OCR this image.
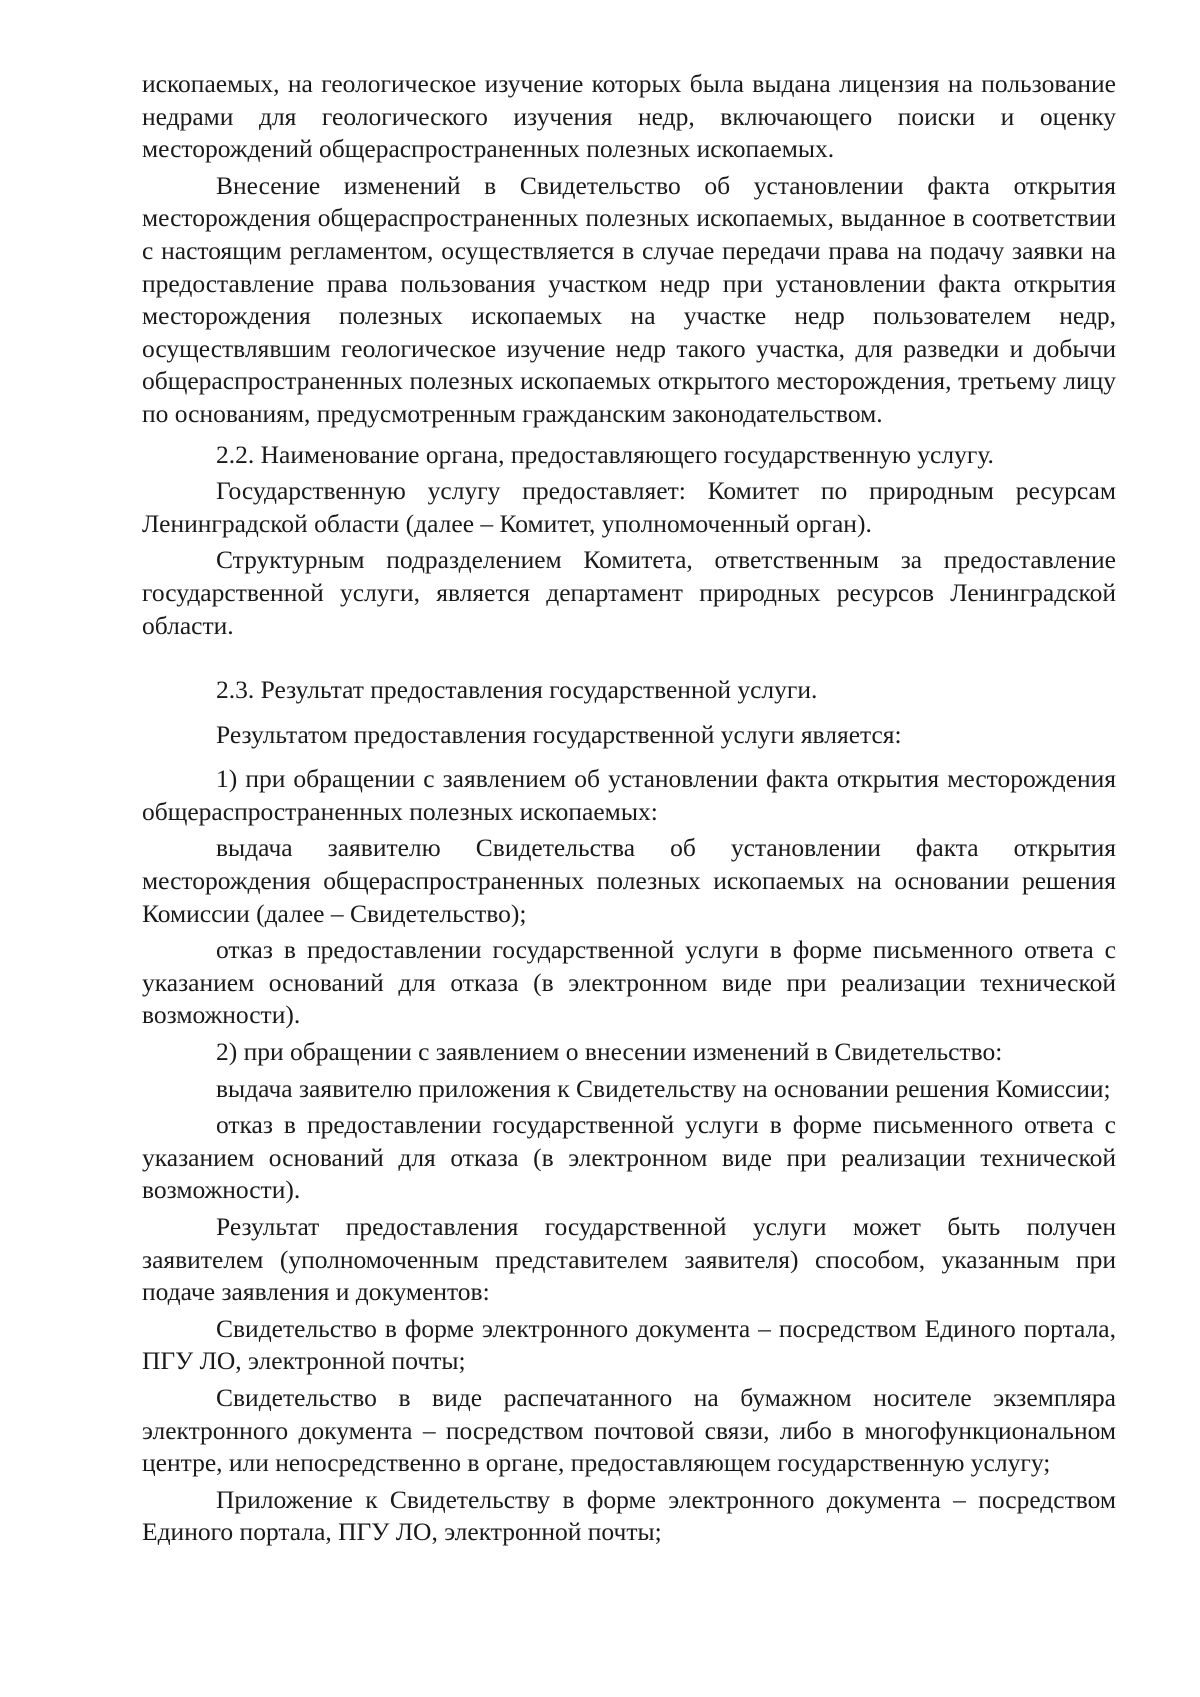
ископаемых, на геологическое изучение которых была выдана лицензия на пользование недрами для геологического изучения недр, включающего поиски и оценку месторождений общераспространенных полезных ископаемых.

Внесение изменений в Свидетельство об установлении факта открытия месторождения общераспространенных полезных ископаемых, выданное в соответствии с настоящим регламентом, осуществляется в случае передачи права на подачу заявки на предоставление права пользования участком недр при установлении факта открытия месторождения полезных ископаемых на участке недр пользователем недр, осуществлявшим геологическое изучение недр такого участка, для разведки и добычи общераспространенных полезных ископаемых открытого месторождения, третьему лицу по основаниям, предусмотренным гражданским законодательством.

2.2. Наименование органа, предоставляющего государственную услугу.

Государственную услугу предоставляет: Комитет по природным ресурсам Ленинградской области (далее – Комитет, уполномоченный орган).

Структурным подразделением Комитета, ответственным за предоставление государственной услуги, является департамент природных ресурсов Ленинградской области.

2.3. Результат предоставления государственной услуги.

Результатом предоставления государственной услуги является:

1) при обращении с заявлением об установлении факта открытия месторождения общераспространенных полезных ископаемых:

выдача заявителю Свидетельства об установлении факта открытия месторождения общераспространенных полезных ископаемых на основании решения Комиссии (далее – Свидетельство);

отказ в предоставлении государственной услуги в форме письменного ответа с указанием оснований для отказа (в электронном виде при реализации технической возможности).

2) при обращении с заявлением о внесении изменений в Свидетельство:

выдача заявителю приложения к Свидетельству на основании решения Комиссии;

отказ в предоставлении государственной услуги в форме письменного ответа с указанием оснований для отказа (в электронном виде при реализации технической возможности).

Результат предоставления государственной услуги может быть получен заявителем (уполномоченным представителем заявителя) способом, указанным при подаче заявления и документов:

Свидетельство в форме электронного документа – посредством Единого портала, ПГУ ЛО, электронной почты;

Свидетельство в виде распечатанного на бумажном носителе экземпляра электронного документа – посредством почтовой связи, либо в многофункциональном центре, или непосредственно в органе, предоставляющем государственную услугу;

Приложение к Свидетельству в форме электронного документа – посредством Единого портала, ПГУ ЛО, электронной почты;
